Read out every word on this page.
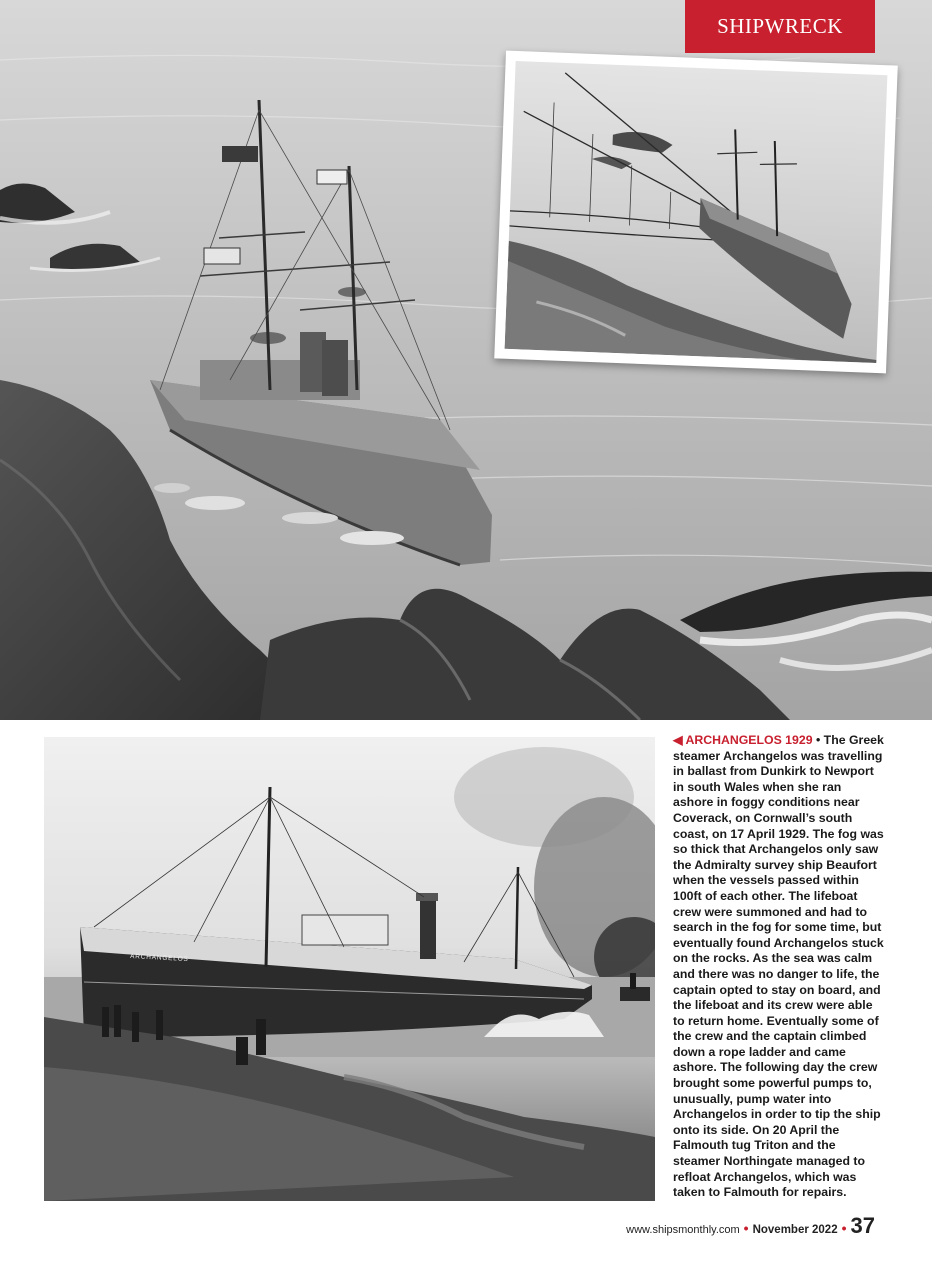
SHIPWRECK
ARCHANGELOS
◀ ARCHANGELOS 1929 • The Greek steamer Archangelos was travelling in ballast from Dunkirk to Newport in south Wales when she ran ashore in foggy conditions near Coverack, on Cornwall’s south coast, on 17 April 1929. The fog was so thick that Archangelos only saw the Admiralty survey ship Beaufort when the vessels passed within 100ft of each other. The lifeboat crew were summoned and had to search in the fog for some time, but eventually found Archangelos stuck on the rocks. As the sea was calm and there was no danger to life, the captain opted to stay on board, and the lifeboat and its crew were able to return home. Eventually some of the crew and the captain climbed down a rope ladder and came ashore. The following day the crew brought some powerful pumps to, unusually, pump water into Archangelos in order to tip the ship onto its side. On 20 April the Falmouth tug Triton and the steamer Northingate managed to refloat Archangelos, which was taken to Falmouth for repairs.
www.shipsmonthly.com • November 2022 • 37
